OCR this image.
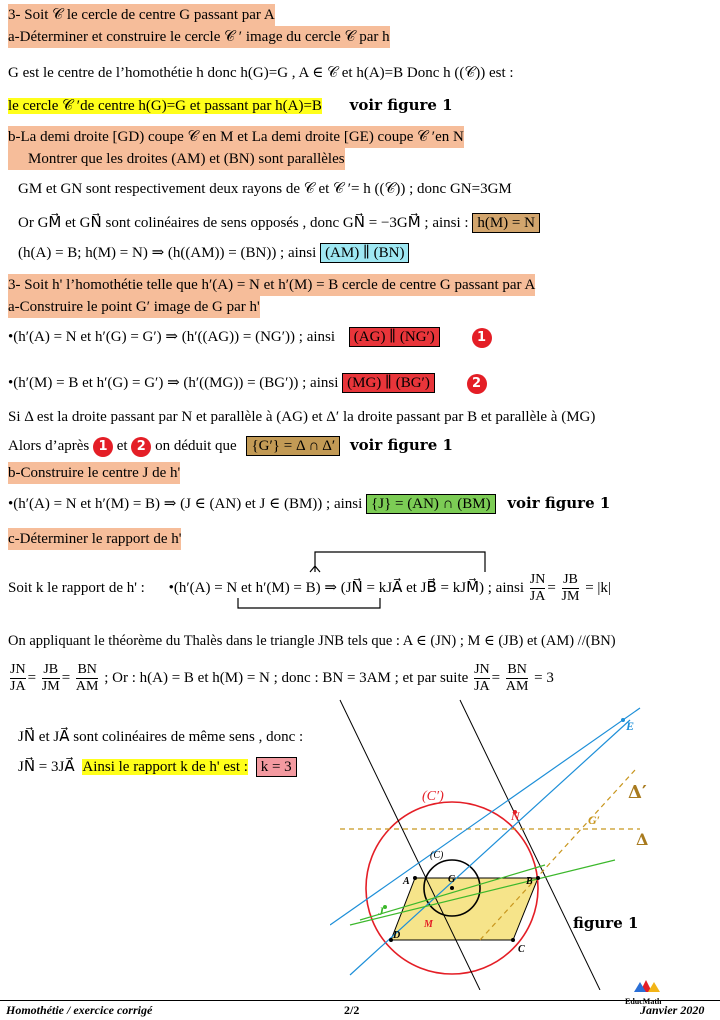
3- Soit 𝒞 le cercle de centre G passant par A
a-Déterminer et construire le cercle 𝒞 ′ image du cercle 𝒞 par h
G est le centre de l’homothétie h donc h(G)=G , A ∈ 𝒞 et h(A)=B Donc h ((𝒞)) est :
le cercle 𝒞 ′de centre h(G)=G et passant par h(A)=B voir figure 1
b-La demi droite [GD) coupe 𝒞 en M et La demi droite [GE) coupe 𝒞 ′en N
Montrer que les droites (AM) et (BN) sont parallèles
GM et GN sont respectivement deux rayons de 𝒞 et 𝒞 ′= h ((𝒞)) ; donc GN=3GM
Or GM⃗ et GN⃗ sont colinéaires de sens opposés , donc GN⃗ = −3GM⃗ ; ainsi : h(M) = N
(h(A) = B; h(M) = N) ⇒ (h((AM)) = (BN)) ; ainsi (AM) ∥ (BN)
3- Soit h' l’homothétie telle que h′(A) = N et h′(M) = B cercle de centre G passant par A
a-Construire le point G′ image de G par h'
•(h′(A) = N et h′(G) = G′) ⇒ (h′((AG)) = (NG′)) ; ainsi (AG) ∥ (NG′)	1
•(h′(M) = B et h′(G) = G′) ⇒ (h′((MG)) = (BG′)) ; ainsi (MG) ∥ (BG′)	2
Si Δ est la droite passant par N et parallèle à (AG) et Δ′ la droite passant par B et parallèle à (MG)
Alors d’après 1 et 2 on déduit que {G′} = Δ ∩ Δ′ voir figure 1
b-Construire le centre J de h'
•(h′(A) = N et h′(M) = B) ⇒ (J ∈ (AN) et J ∈ (BM)) ; ainsi {J} = (AN) ∩ (BM) voir figure 1
c-Déterminer le rapport de h'
Soit k le rapport de h' : •(h′(A) = N et h′(M) = B) ⇒ (JN⃗ = kJA⃗ et JB⃗ = kJM⃗) ; ainsi $\frac{JN}{JA} = \frac{JB}{JM} = |k|$
On appliquant le théorème du Thalès dans le triangle JNB tels que : A ∈ (JN) ; M ∈ (JB) et (AM) //(BN)
$\frac{JN}{JA} = \frac{JB}{JM} = \frac{BN}{AM}$ ; Or : h(A) = B et h(M) = N ; donc : BN = 3AM ; et par suite $\frac{JN}{JA} = \frac{BN}{AM} = 3$
JN⃗ et JA⃗ sont colinéaires de même sens , donc :
JN⃗ = 3JA⃗ Ainsi le rapport k de h' est : k = 3
A	B
C
D
E
G
G′
J
M
N
(C′)
(C)
Δ
Δ′
figure 1
Homothétie / exercice corrigé	2/2
EducMath
Janvier 2020
